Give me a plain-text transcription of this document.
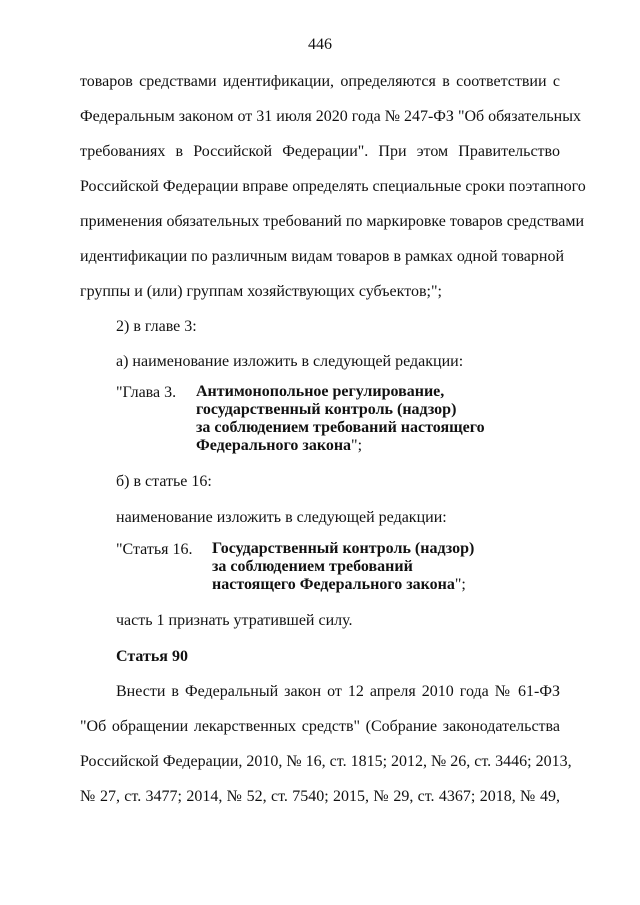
446
товаров средствами идентификации, определяются в соответствии с
Федеральным законом от 31 июля 2020 года № 247-ФЗ "Об обязательных
требованиях в Российской Федерации". При этом Правительство
Российской Федерации вправе определять специальные сроки поэтапного
применения обязательных требований по маркировке товаров средствами
идентификации по различным видам товаров в рамках одной товарной
группы и (или) группам хозяйствующих субъектов;";
2) в главе 3:
а) наименование изложить в следующей редакции:
"Глава 3. Антимонопольное регулирование,
государственный контроль (надзор)
за соблюдением требований настоящего
Федерального закона";
б) в статье 16:
наименование изложить в следующей редакции:
"Статья 16. Государственный контроль (надзор)
за соблюдением требований
настоящего Федерального закона";
часть 1 признать утратившей силу.
Статья 90
Внести в Федеральный закон от 12 апреля 2010 года № 61-ФЗ
"Об обращении лекарственных средств" (Собрание законодательства
Российской Федерации, 2010, № 16, ст. 1815; 2012, № 26, ст. 3446; 2013,
№ 27, ст. 3477; 2014, № 52, ст. 7540; 2015, № 29, ст. 4367; 2018, № 49,
